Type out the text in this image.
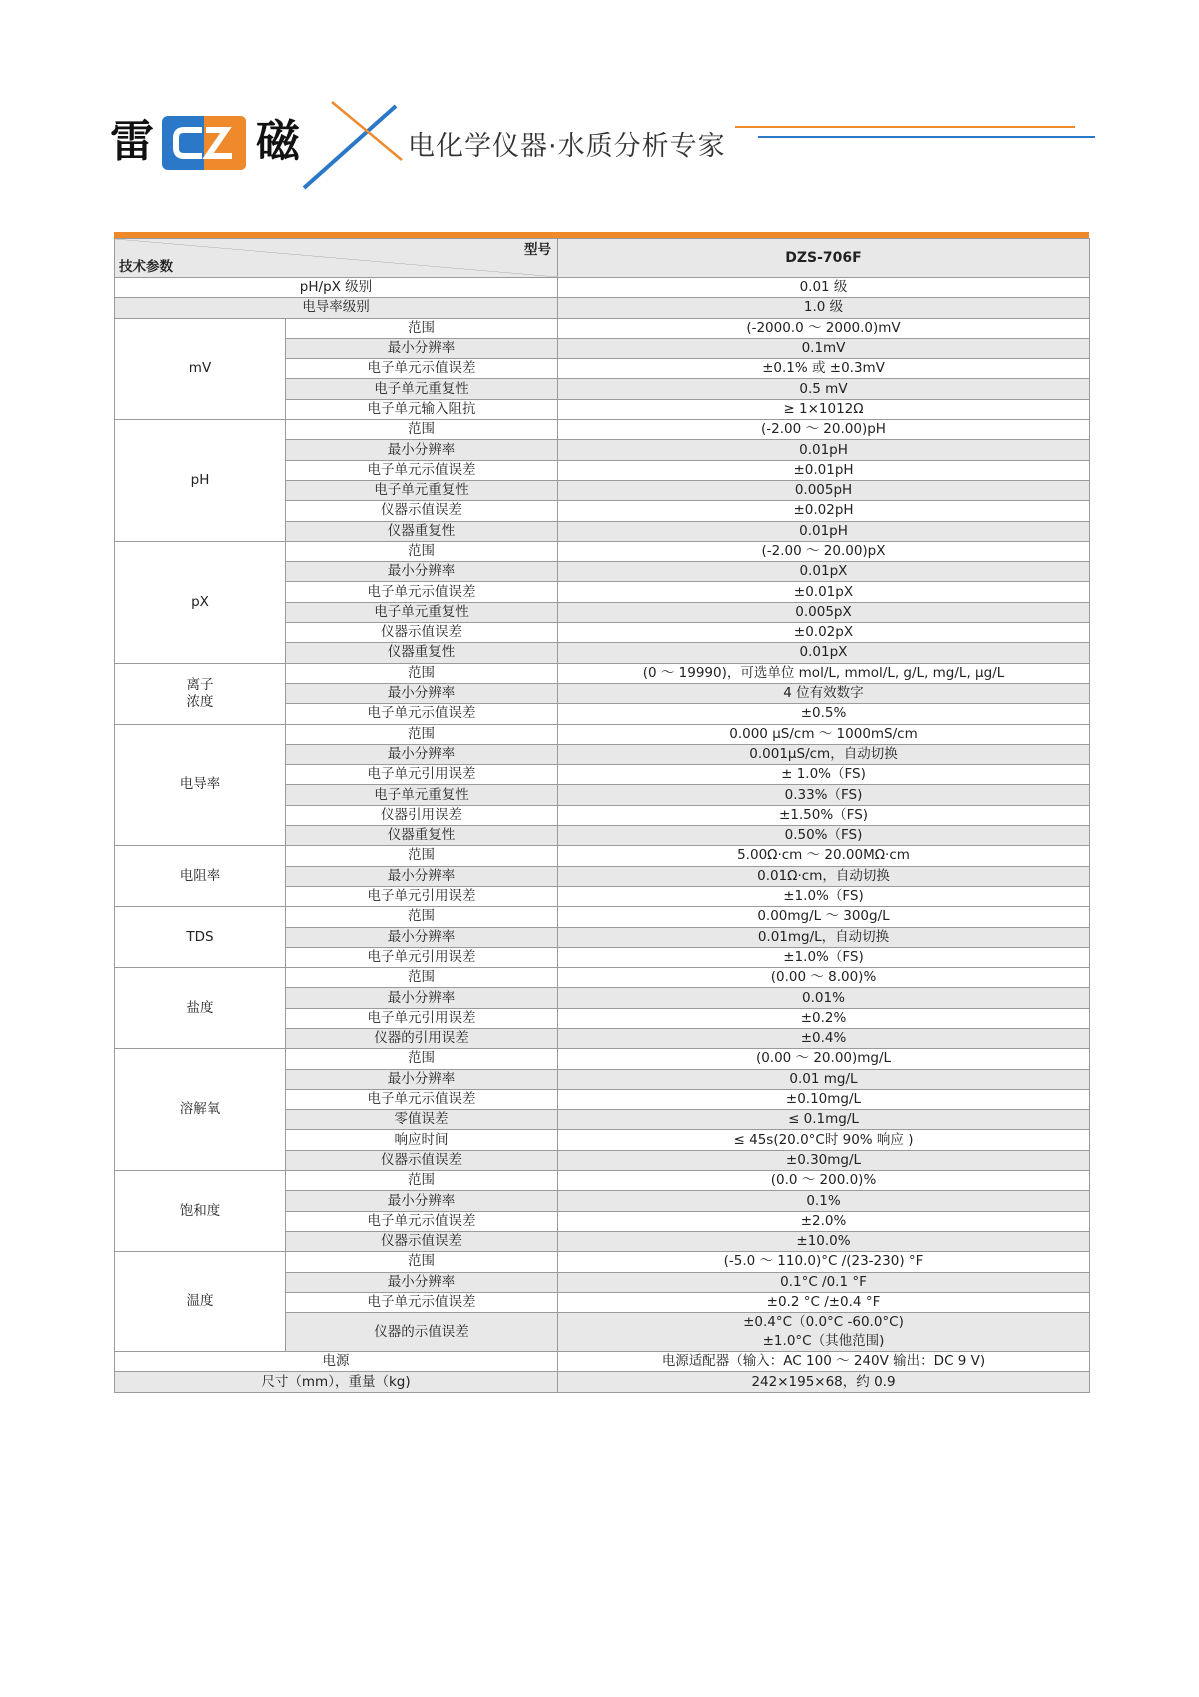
雷 磁	电化学仪器·水质分析专家
型号
技术参数		DZS-706F
pH/pX 级别		0.01 级
电导率级别		1.0 级

mV	范围	(-2000.0 ～ 2000.0)mV
	最小分辨率	0.1mV
	电子单元示值误差	±0.1% 或 ±0.3mV
	电子单元重复性	0.5 mV
	电子单元输入阻抗	≥ 1×1012Ω

pH	范围	(-2.00 ～ 20.00)pH
	最小分辨率	0.01pH
	电子单元示值误差	±0.01pH
	电子单元重复性	0.005pH
	仪器示值误差	±0.02pH
	仪器重复性	0.01pH

pX	范围	(-2.00 ～ 20.00)pX
	最小分辨率	0.01pX
	电子单元示值误差	±0.01pX
	电子单元重复性	0.005pX
	仪器示值误差	±0.02pX
	仪器重复性	0.01pX

离子
浓度	范围	(0 ～ 19990)，可选单位 mol/L, mmol/L, g/L, mg/L, μg/L
	最小分辨率	4 位有效数字
	电子单元示值误差	±0.5%

电导率	范围	0.000 μS/cm ～ 1000mS/cm
	最小分辨率	0.001μS/cm，自动切换
	电子单元引用误差	± 1.0%（FS)
	电子单元重复性	0.33%（FS)
	仪器引用误差	±1.50%（FS)
	仪器重复性	0.50%（FS)

电阻率	范围	5.00Ω·cm ～ 20.00MΩ·cm
	最小分辨率	0.01Ω·cm，自动切换
	电子单元引用误差	±1.0%（FS)

TDS	范围	0.00mg/L ～ 300g/L
	最小分辨率	0.01mg/L，自动切换
	电子单元引用误差	±1.0%（FS)

盐度	范围	(0.00 ～ 8.00)%
	最小分辨率	0.01%
	电子单元引用误差	±0.2%
	仪器的引用误差	±0.4%

溶解氧	范围	(0.00 ～ 20.00)mg/L
	最小分辨率	0.01 mg/L
	电子单元示值误差	±0.10mg/L
	零值误差	≤ 0.1mg/L
	响应时间	≤ 45s(20.0°C时 90% 响应 )
	仪器示值误差	±0.30mg/L

饱和度	范围	(0.0 ～ 200.0)%
	最小分辨率	0.1%
	电子单元示值误差	±2.0%
	仪器示值误差	±10.0%

温度	范围	(-5.0 ～ 110.0)°C /(23-230) °F
	最小分辨率	0.1°C /0.1 °F
	电子单元示值误差	±0.2 °C /±0.4 °F
	仪器的示值误差	±0.4°C（0.0°C -60.0°C)
±1.0°C（其他范围)

电源		电源适配器（输入：AC 100 ～ 240V 输出：DC 9 V)
尺寸（mm），重量（kg)		242×195×68，约 0.9
